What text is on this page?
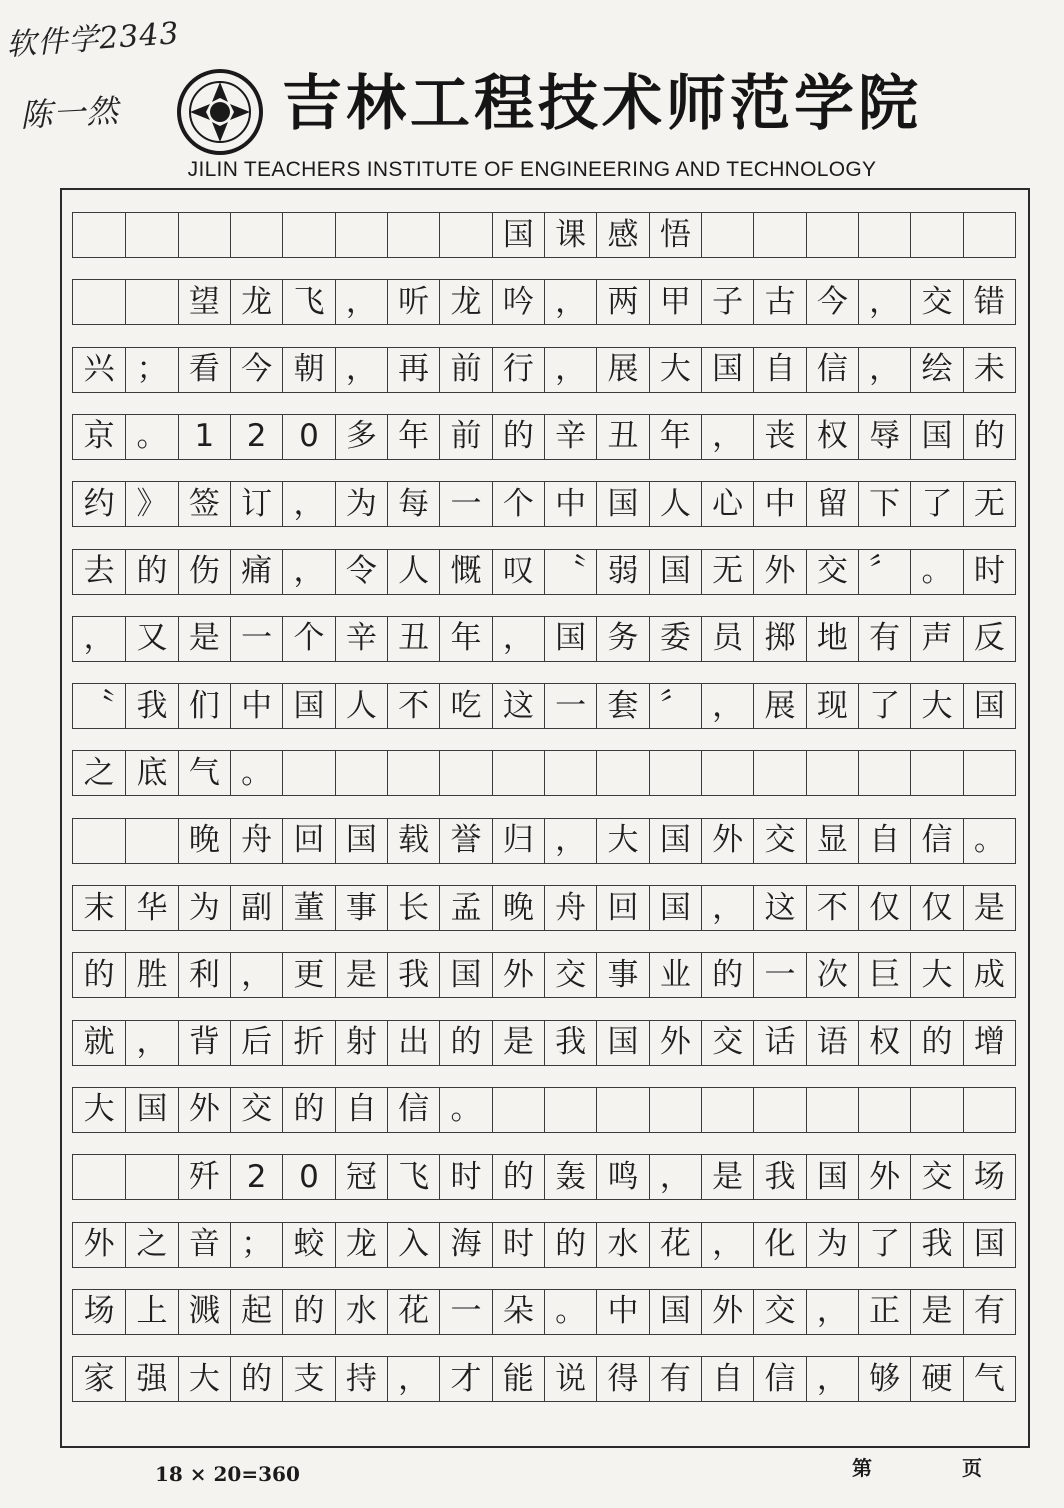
软件学2343
陈一然	吉林工程技术师范学院
JILIN TEACHERS INSTITUTE OF ENGINEERING AND TECHNOLOGY
国 课 感 悟
望 龙 飞 ， 听 龙 吟 ， 两 甲 子 古 今 ， 交 错
兴 ； 看 今 朝 ， 再 前 行 ， 展 大 国 自 信 ， 绘 未
京 。 1	2	0 多 年 前 的 辛 丑 年 ， 丧 权 辱 国 的
约 》 签 订 ， 为 每 一 个 中 国 人 心 中 留 下 了 无
去 的 伤 痛 ， 令 人 慨 叹 〝 弱 国 无 外 交 〞 。 时
， 又 是 一 个 辛 丑 年 ， 国 务 委 员 掷 地 有 声 反
〝 我 们 中 国 人 不 吃 这 一 套 〞 ， 展 现 了 大 国
之 底 气 。
晚 舟 回 国 载 誉 归 ， 大 国 外 交 显 自 信 。
末 华 为 副 董 事 长 孟 晚 舟 回 国 ， 这 不 仅 仅 是
的 胜 利 ， 更 是 我 国 外 交 事 业 的 一 次 巨 大 成
就 ， 背 后 折 射 出 的 是 我 国 外 交 话 语 权 的 增
大 国 外 交 的 自 信 。
歼 2	0 冠 飞 时 的 轰 鸣 ， 是 我 国 外 交 场
外 之 音 ； 蛟 龙 入 海 时 的 水 花 ， 化 为 了 我 国
场 上 溅 起 的 水 花 一 朵 。 中 国 外 交 ， 正 是 有
家 强 大 的 支 持 ， 才 能 说 得 有 自 信 ， 够 硬 气
18 × 20=360	第	页
